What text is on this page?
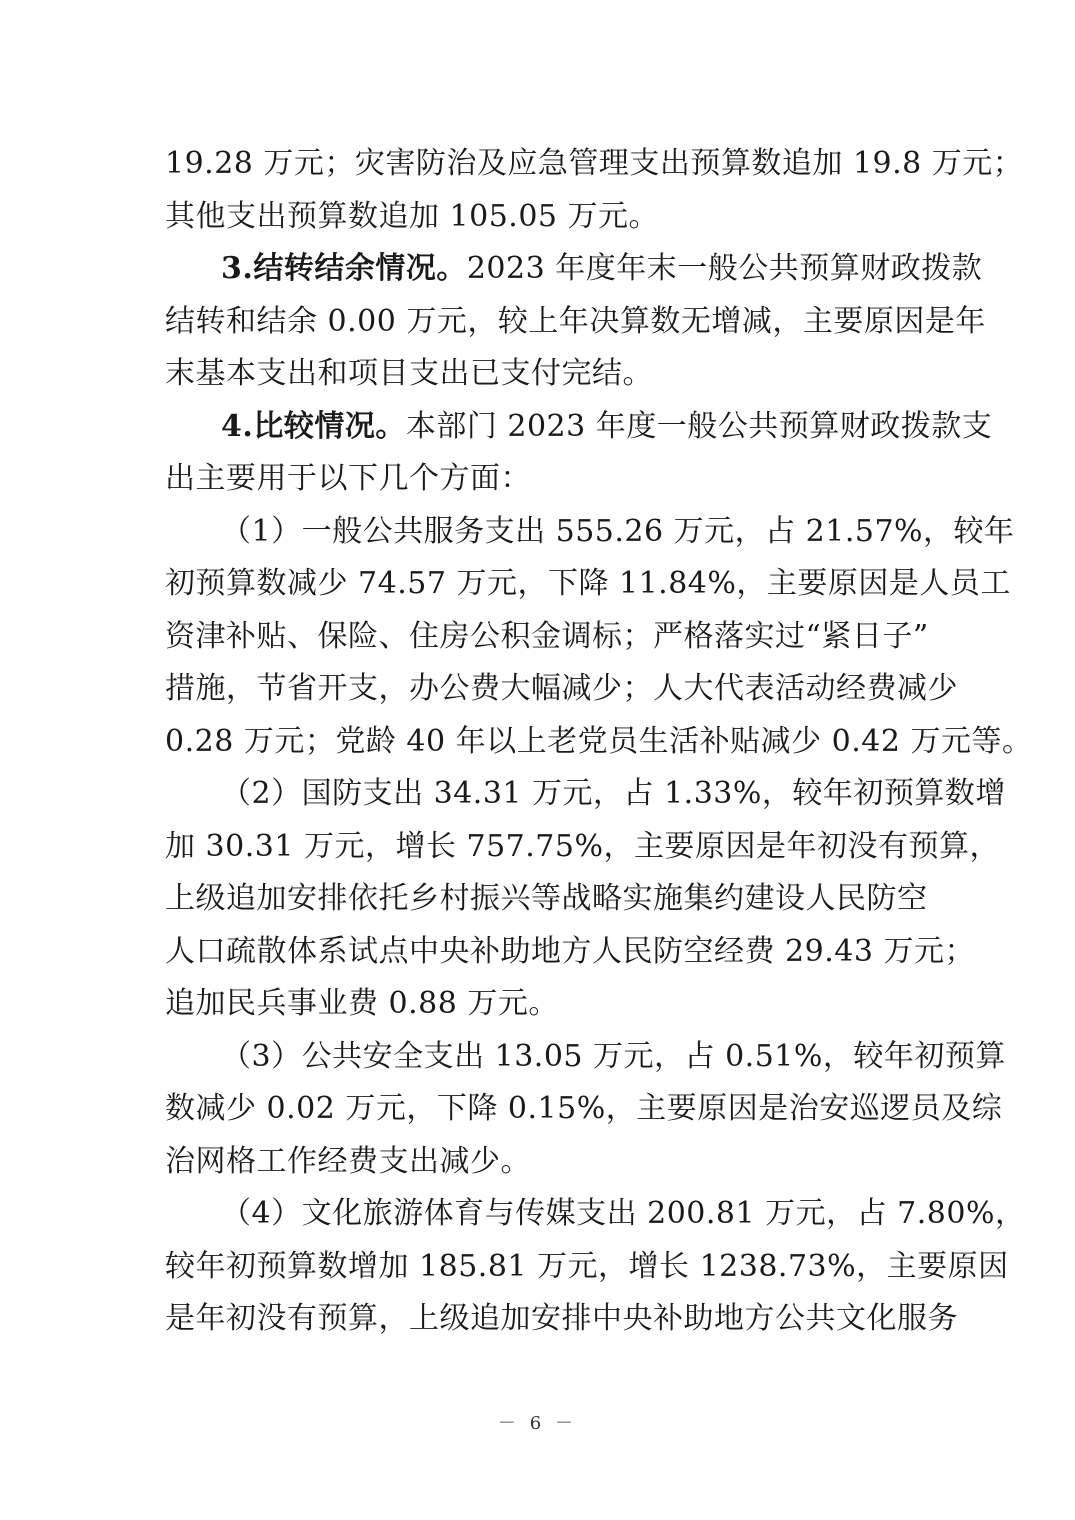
19.28 万元；灾害防治及应急管理支出预算数追加 19.8 万元；
其他支出预算数追加 105.05 万元。
3.结转结余情况。2023 年度年末一般公共预算财政拨款
结转和结余 0.00 万元，较上年决算数无增减，主要原因是年
末基本支出和项目支出已支付完结。
4.比较情况。本部门 2023 年度一般公共预算财政拨款支
出主要用于以下几个方面：
（1）一般公共服务支出 555.26 万元，占 21.57%，较年
初预算数减少 74.57 万元，下降 11.84%，主要原因是人员工
资津补贴、保险、住房公积金调标；严格落实过“紧日子”
措施，节省开支，办公费大幅减少；人大代表活动经费减少
0.28 万元；党龄 40 年以上老党员生活补贴减少 0.42 万元等。
（2）国防支出 34.31 万元，占 1.33%，较年初预算数增
加 30.31 万元，增长 757.75%，主要原因是年初没有预算，
上级追加安排依托乡村振兴等战略实施集约建设人民防空
人口疏散体系试点中央补助地方人民防空经费 29.43 万元；
追加民兵事业费 0.88 万元。
（3）公共安全支出 13.05 万元，占 0.51%，较年初预算
数减少 0.02 万元，下降 0.15%，主要原因是治安巡逻员及综
治网格工作经费支出减少。
（4）文化旅游体育与传媒支出 200.81 万元，占 7.80%，
较年初预算数增加 185.81 万元，增长 1238.73%，主要原因
是年初没有预算，上级追加安排中央补助地方公共文化服务
－ 6 －
